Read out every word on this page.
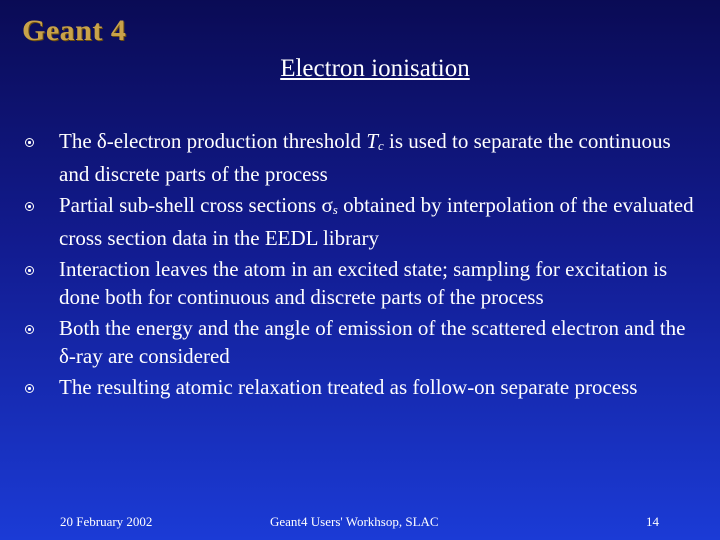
Geant 4
Electron ionisation
The δ-electron production threshold Tc is used to separate the continuous and discrete parts of the process
Partial sub-shell cross sections σs obtained by interpolation of the evaluated cross section data in the EEDL library
Interaction leaves the atom in an excited state; sampling for excitation is done both for continuous and discrete parts of the process
Both the energy and the angle of emission of the scattered electron and the δ-ray are considered
The resulting atomic relaxation treated as follow-on separate process
20 February 2002	Geant4 Users' Workhsop, SLAC	14
